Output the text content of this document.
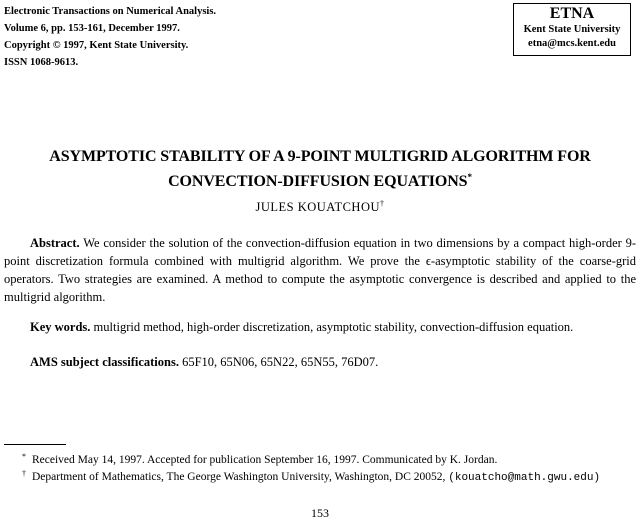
Electronic Transactions on Numerical Analysis.
Volume 6, pp. 153-161, December 1997.
Copyright © 1997, Kent State University.
ISSN 1068-9613.
ETNA
Kent State University
etna@mcs.kent.edu
ASYMPTOTIC STABILITY OF A 9-POINT MULTIGRID ALGORITHM FOR
CONVECTION-DIFFUSION EQUATIONS*
JULES KOUATCHOU†
Abstract. We consider the solution of the convection-diffusion equation in two dimensions by a compact high-order 9-point discretization formula combined with multigrid algorithm. We prove the ϵ-asymptotic stability of the coarse-grid operators. Two strategies are examined. A method to compute the asymptotic convergence is described and applied to the multigrid algorithm.
Key words. multigrid method, high-order discretization, asymptotic stability, convection-diffusion equation.
AMS subject classifications. 65F10, 65N06, 65N22, 65N55, 76D07.
* Received May 14, 1997. Accepted for publication September 16, 1997. Communicated by K. Jordan.
† Department of Mathematics, The George Washington University, Washington, DC 20052, (kouatcho@math.gwu.edu)
153
